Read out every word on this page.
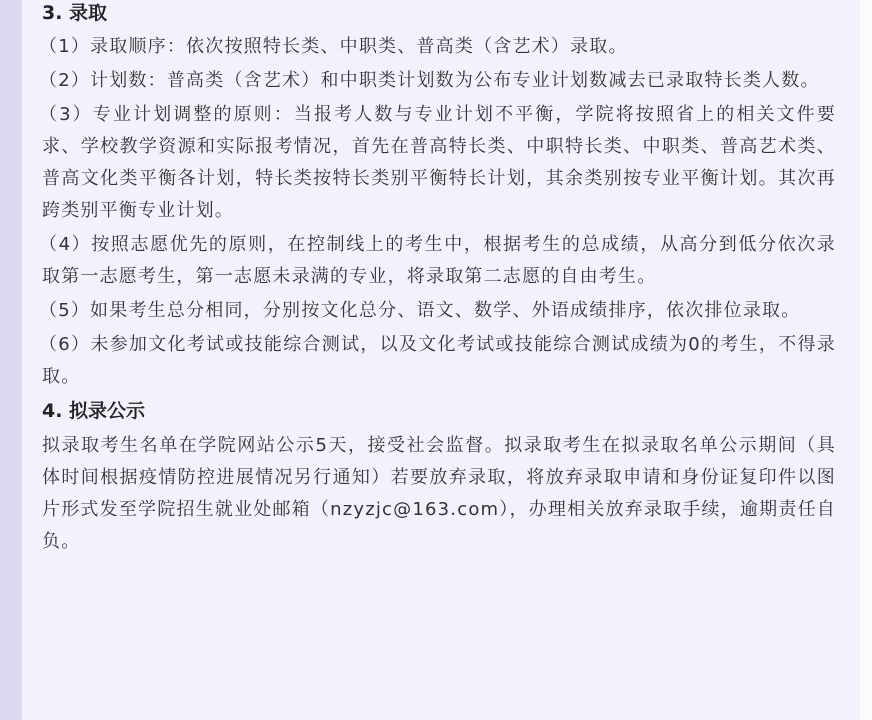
3. 录取

（1）录取顺序：依次按照特长类、中职类、普高类（含艺术）录取。

（2）计划数：普高类（含艺术）和中职类计划数为公布专业计划数减去已录取特长类人数。

（3）专业计划调整的原则：当报考人数与专业计划不平衡，学院将按照省上的相关文件要求、学校教学资源和实际报考情况，首先在普高特长类、中职特长类、中职类、普高艺术类、普高文化类平衡各计划，特长类按特长类别平衡特长计划，其余类别按专业平衡计划。其次再跨类别平衡专业计划。

（4）按照志愿优先的原则，在控制线上的考生中，根据考生的总成绩，从高分到低分依次录取第一志愿考生，第一志愿未录满的专业，将录取第二志愿的自由考生。

（5）如果考生总分相同，分别按文化总分、语文、数学、外语成绩排序，依次排位录取。

（6）未参加文化考试或技能综合测试，以及文化考试或技能综合测试成绩为0的考生，不得录取。

4. 拟录公示

拟录取考生名单在学院网站公示5天，接受社会监督。拟录取考生在拟录取名单公示期间（具体时间根据疫情防控进展情况另行通知）若要放弃录取，将放弃录取申请和身份证复印件以图片形式发至学院招生就业处邮箱（nzyzjc@163.com），办理相关放弃录取手续，逾期责任自负。
